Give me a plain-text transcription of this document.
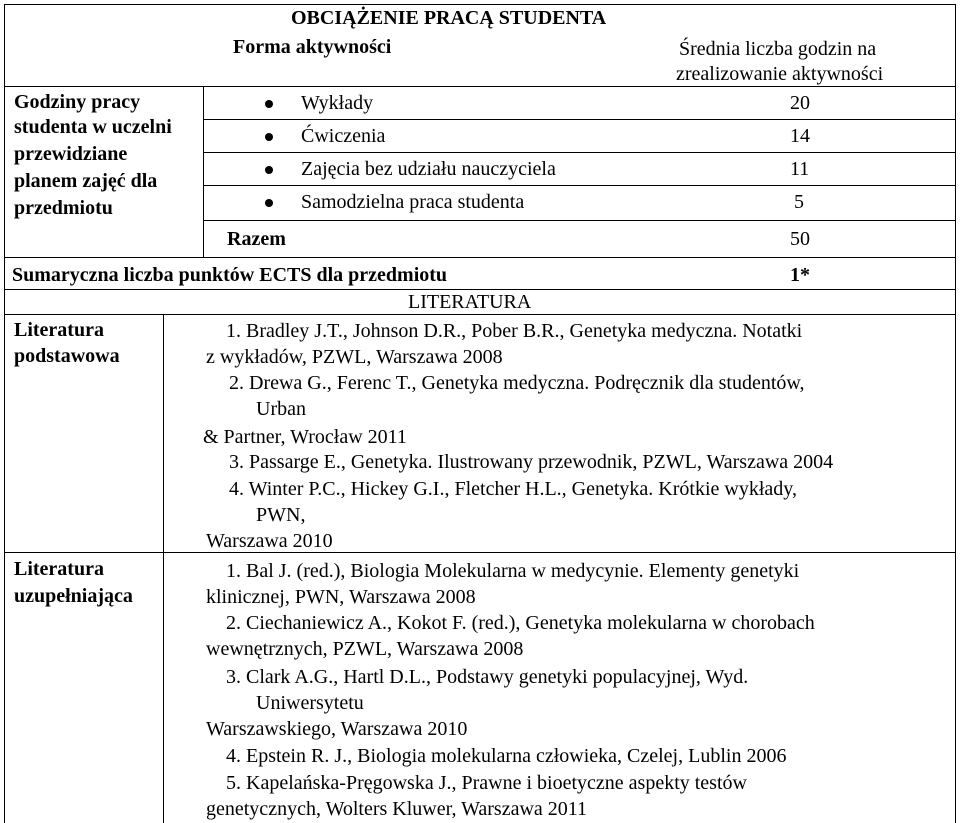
OBCIĄŻENIE PRACĄ STUDENTA
Forma aktywności	Średnia liczba godzin na
zrealizowanie aktywności
Godziny pracy
studenta w uczelni
przewidziane
planem zajęć dla
przedmiotu
Wykłady	20
Ćwiczenia	14
Zajęcia bez udziału nauczyciela	11
Samodzielna praca studenta	5
Razem	50
Sumaryczna liczba punktów ECTS dla przedmiotu	1*
LITERATURA
Literatura
podstawowa
1. Bradley J.T., Johnson D.R., Pober B.R., Genetyka medyczna. Notatki
z wykładów, PZWL, Warszawa 2008
2. Drewa G., Ferenc T., Genetyka medyczna. Podręcznik dla studentów,
Urban
& Partner, Wrocław 2011
3. Passarge E., Genetyka. Ilustrowany przewodnik, PZWL, Warszawa 2004
4. Winter P.C., Hickey G.I., Fletcher H.L., Genetyka. Krótkie wykłady,
PWN,
Warszawa 2010
Literatura
uzupełniająca
1. Bal J. (red.), Biologia Molekularna w medycynie. Elementy genetyki
klinicznej, PWN, Warszawa 2008
2. Ciechaniewicz A., Kokot F. (red.), Genetyka molekularna w chorobach
wewnętrznych, PZWL, Warszawa 2008
3. Clark A.G., Hartl D.L., Podstawy genetyki populacyjnej, Wyd.
Uniwersytetu
Warszawskiego, Warszawa 2010
4. Epstein R. J., Biologia molekularna człowieka, Czelej, Lublin 2006
5. Kapelańska-Pręgowska J., Prawne i bioetyczne aspekty testów
genetycznych, Wolters Kluwer, Warszawa 2011
